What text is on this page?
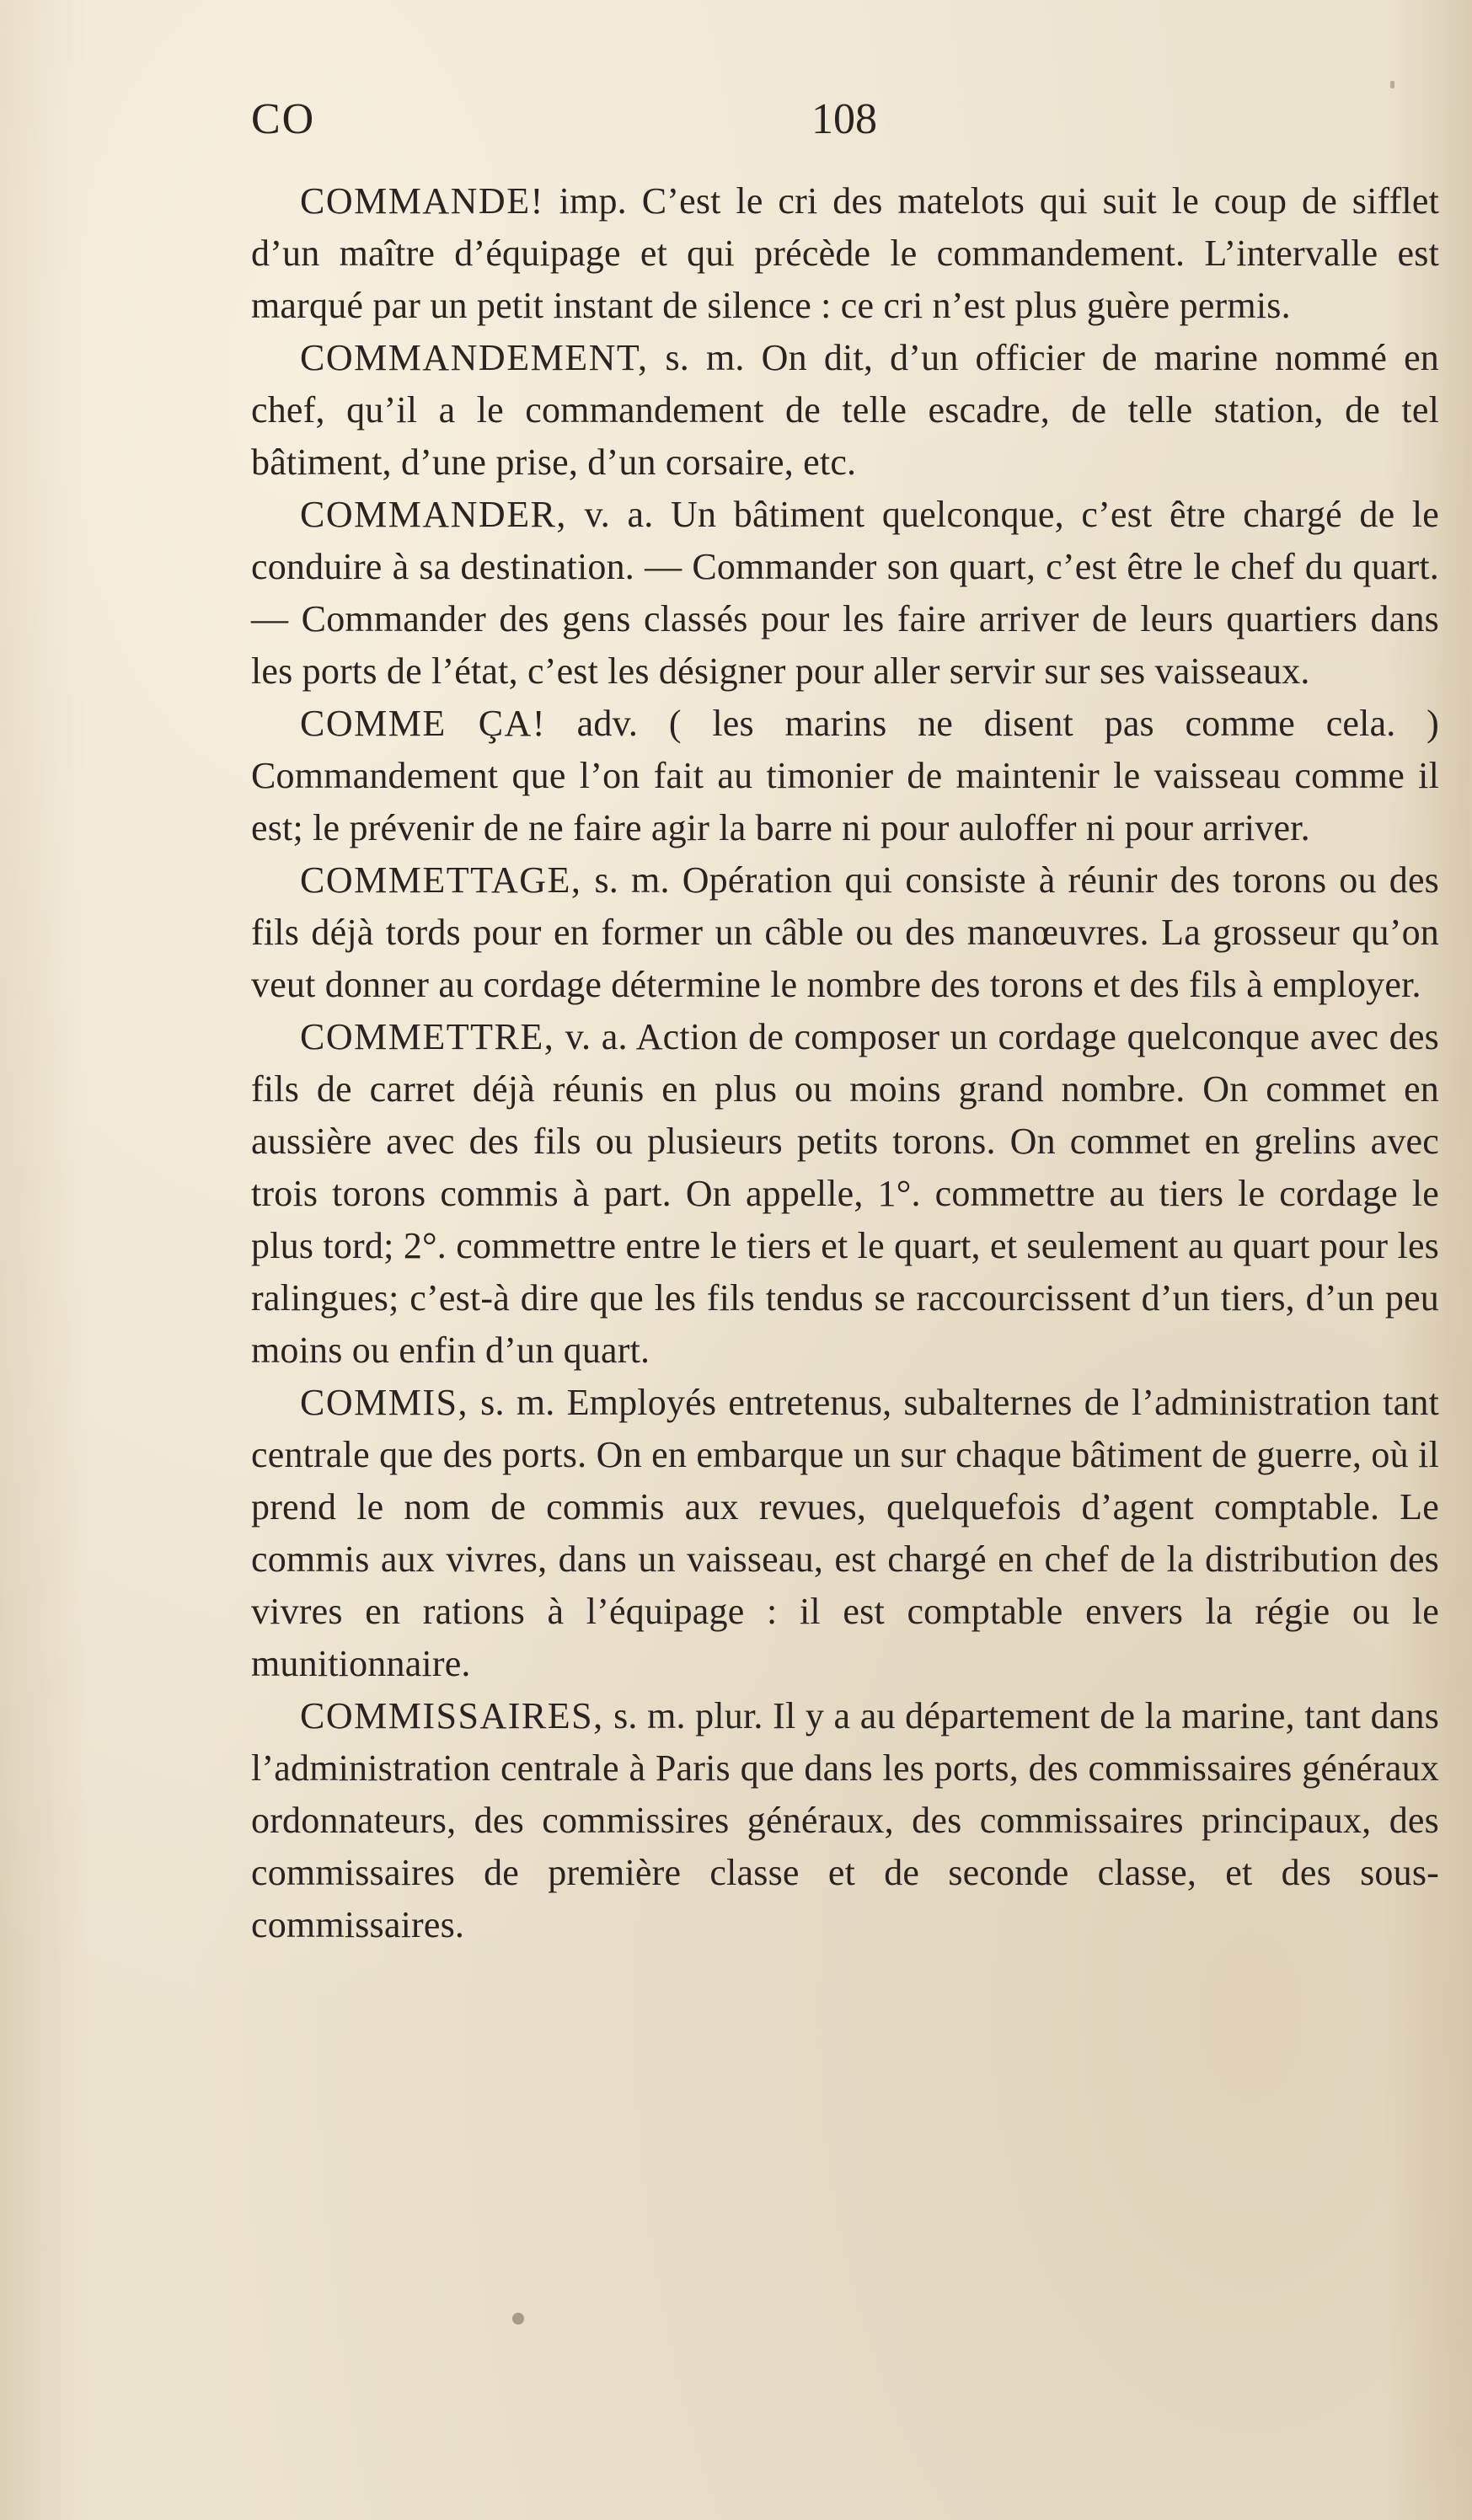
CO	108

COMMANDE! imp. C’est le cri des matelots qui suit le coup de sifflet d’un maître d’équipage et qui précède le commandement. L’intervalle est marqué par un petit instant de silence : ce cri n’est plus guère permis.

COMMANDEMENT, s. m. On dit, d’un officier de marine nommé en chef, qu’il a le commandement de telle escadre, de telle station, de tel bâtiment, d’une prise, d’un corsaire, etc.

COMMANDER, v. a. Un bâtiment quelconque, c’est être chargé de le conduire à sa destination. — Commander son quart, c’est être le chef du quart. — Commander des gens classés pour les faire arriver de leurs quartiers dans les ports de l’état, c’est les désigner pour aller servir sur ses vaisseaux.

COMME ÇA! adv. ( les marins ne disent pas comme cela. ) Commandement que l’on fait au timonier de maintenir le vaisseau comme il est; le prévenir de ne faire agir la barre ni pour auloffer ni pour arriver.

COMMETTAGE, s. m. Opération qui consiste à réunir des torons ou des fils déjà tords pour en former un câble ou des manœuvres. La grosseur qu’on veut donner au cordage détermine le nombre des torons et des fils à employer.

COMMETTRE, v. a. Action de composer un cordage quelconque avec des fils de carret déjà réunis en plus ou moins grand nombre. On commet en aussière avec des fils ou plusieurs petits torons. On commet en grelins avec trois torons commis à part. On appelle, 1°. commettre au tiers le cordage le plus tord; 2°. commettre entre le tiers et le quart, et seulement au quart pour les ralingues; c’est-à dire que les fils tendus se raccourcissent d’un tiers, d’un peu moins ou enfin d’un quart.

COMMIS, s. m. Employés entretenus, subalternes de l’administration tant centrale que des ports. On en embarque un sur chaque bâtiment de guerre, où il prend le nom de commis aux revues, quelquefois d’agent comptable. Le commis aux vivres, dans un vaisseau, est chargé en chef de la distribution des vivres en rations à l’équipage : il est comptable envers la régie ou le munitionnaire.

COMMISSAIRES, s. m. plur. Il y a au département de la marine, tant dans l’administration centrale à Paris que dans les ports, des commissaires généraux ordonnateurs, des commissires généraux, des commissaires principaux, des commissaires de première classe et de seconde classe, et des sous-commissaires.
